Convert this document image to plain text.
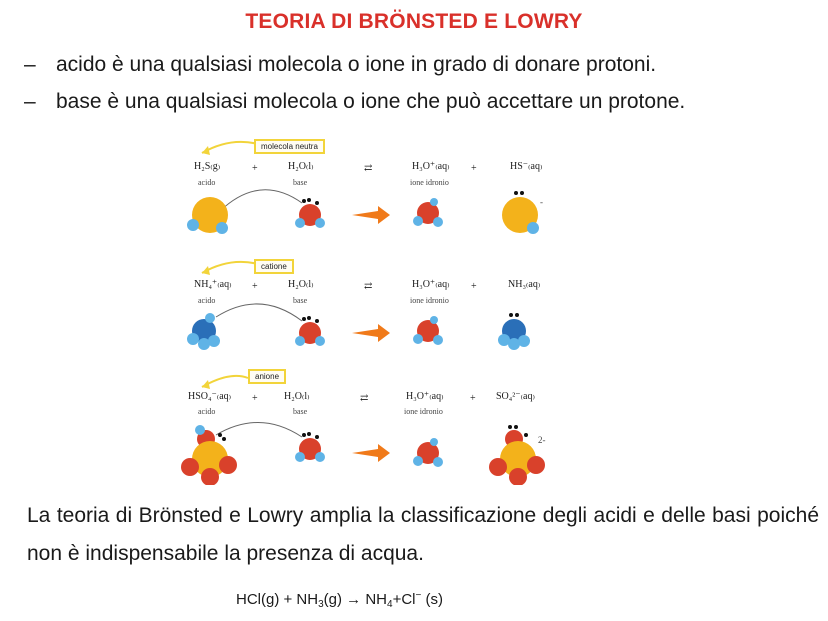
TEORIA DI BRÖNSTED E LOWRY
– acido è una qualsiasi molecola o ione in grado di donare protoni.
– base è una qualsiasi molecola o ione che può accettare un protone.
molecola neutra
H₂S₍g₎
acido
+	H₂O₍l₎
base
⇄	H₃O⁺₍aq₎
ione idronio
+	HS⁻₍aq₎
-
catione
NH₄⁺₍aq₎
acido
+	H₂O₍l₎
base
⇄	H₃O⁺₍aq₎
ione idronio
+	NH₃₍aq₎
anione
HSO₄⁻₍aq₎
acido
+	H₂O₍l₎
base
⇄	H₃O⁺₍aq₎
ione idronio
+ SO₄²⁻₍aq₎
2-
La teoria di Brönsted e Lowry amplia la classificazione degli acidi e delle basi poiché non è indispensabile la presenza di acqua.
$HCl(g) + NH_3(g) \to NH_4+Cl^-$ (s)
